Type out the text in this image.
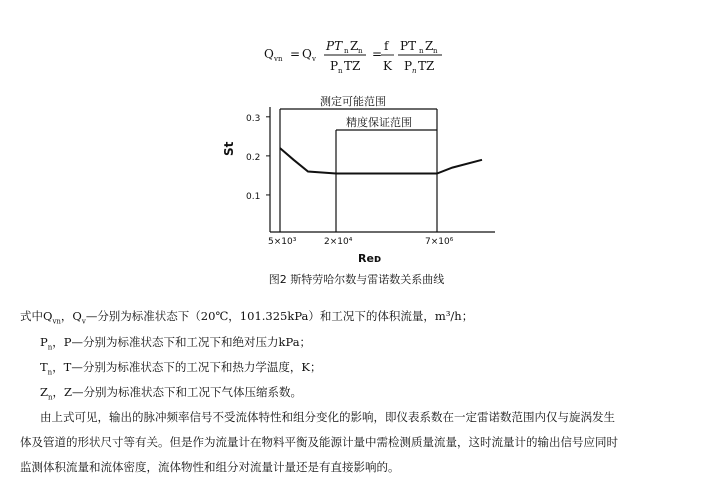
Q vn = Q v
PT n Z n
P n TZ
=
f
K
PT n Z n
P n TZ
0.1
0.2
0.3
5×10³	2×10⁴	7×10⁶
St
Reᴅ
测定可能范围
精度保证范围
图2 斯特劳哈尔数与雷诺数关系曲线
式中$Q_{vn}$，$Q_v—$分别为标准状态下（20℃，101.325kPa）和工况下的体积流量，m³/h；
$P_n$，P—分别为标准状态下和工况下和绝对压力kPa；
$T_n$，T—分别为标准状态下的工况下和热力学温度，K；
$Z_n$，Z—分别为标准状态下和工况下气体压缩系数。
由上式可见，输出的脉冲频率信号不受流体特性和组分变化的影响，即仪表系数在一定雷诺数范围内仅与旋涡发生
体及管道的形状尺寸等有关。但是作为流量计在物料平衡及能源计量中需检测质量流量，这时流量计的输出信号应同时
监测体积流量和流体密度，流体物性和组分对流量计量还是有直接影响的。
